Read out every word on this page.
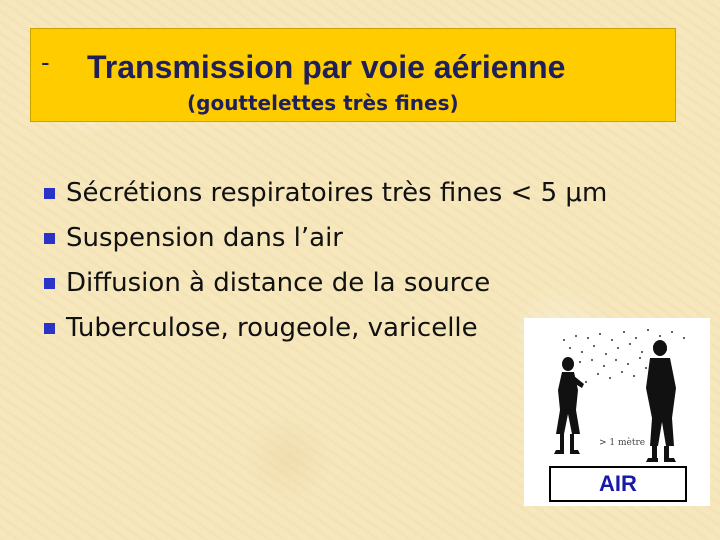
- Transmission par voie aérienne
(gouttelettes très fines)
Sécrétions respiratoires très fines < 5 μm
Suspension dans l’air
Diffusion à distance de la source
Tuberculose, rougeole, varicelle
> 1 mètre
AIR
